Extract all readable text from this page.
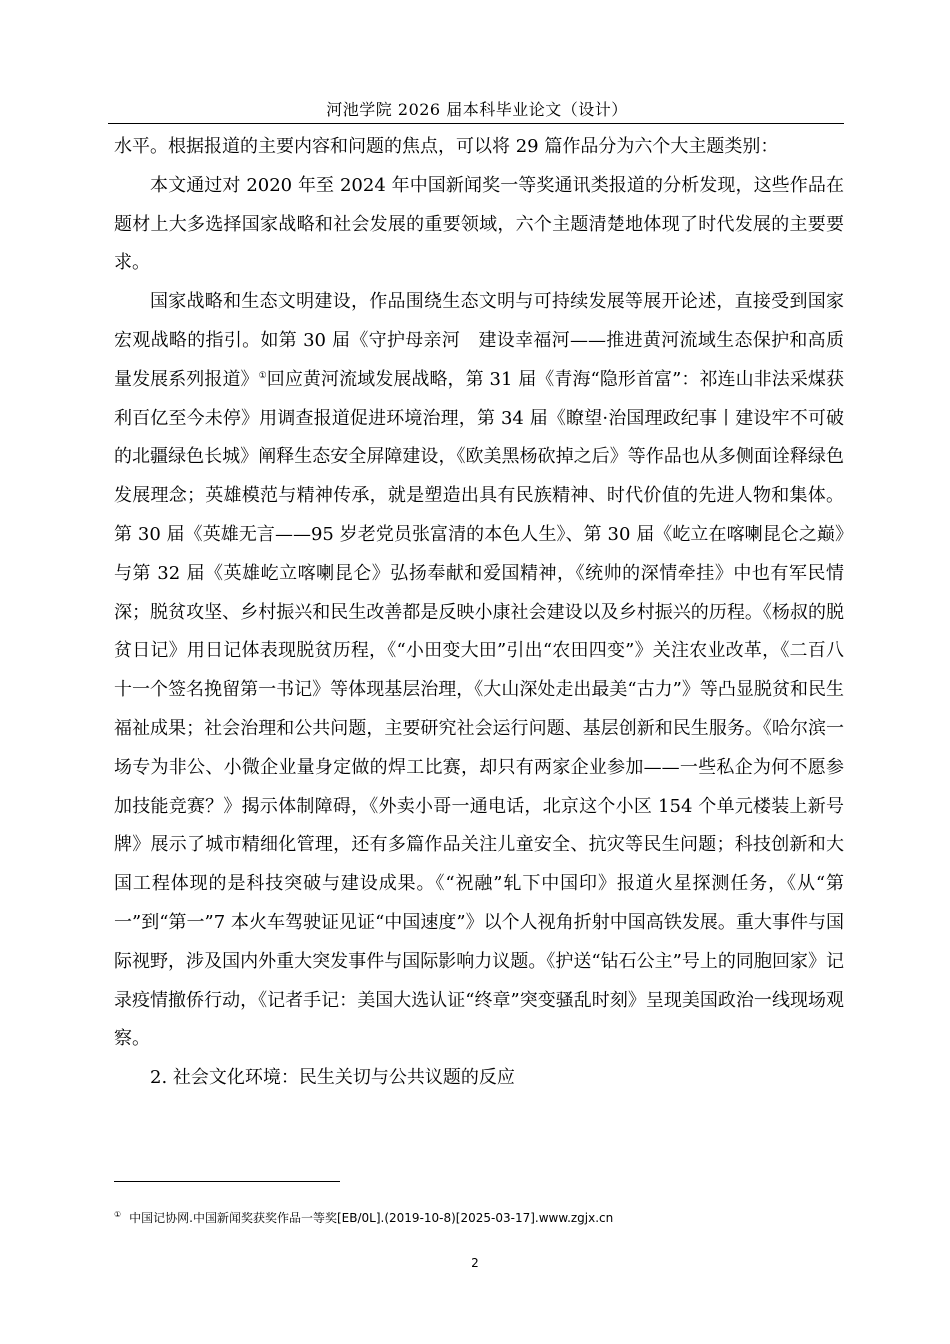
河池学院 2026 届本科毕业论文（设计）

水平。根据报道的主要内容和问题的焦点，可以将 29 篇作品分为六个大主题类别：

本文通过对 2020 年至 2024 年中国新闻奖一等奖通讯类报道的分析发现，这些作品在题材上大多选择国家战略和社会发展的重要领域，六个主题清楚地体现了时代发展的主要要求。

国家战略和生态文明建设，作品围绕生态文明与可持续发展等展开论述，直接受到国家宏观战略的指引。如第 30 届《守护母亲河　建设幸福河——推进黄河流域生态保护和高质量发展系列报道》①回应黄河流域发展战略，第 31 届《青海“隐形首富”：祁连山非法采煤获利百亿至今未停》用调查报道促进环境治理，第 34 届《瞭望·治国理政纪事丨建设牢不可破的北疆绿色长城》阐释生态安全屏障建设，《欧美黑杨砍掉之后》等作品也从多侧面诠释绿色发展理念；英雄模范与精神传承，就是塑造出具有民族精神、时代价值的先进人物和集体。第 30 届《英雄无言——95 岁老党员张富清的本色人生》、第 30 届《屹立在喀喇昆仑之巅》与第 32 届《英雄屹立喀喇昆仑》弘扬奉献和爱国精神，《统帅的深情牵挂》中也有军民情深；脱贫攻坚、乡村振兴和民生改善都是反映小康社会建设以及乡村振兴的历程。《杨叔的脱贫日记》用日记体表现脱贫历程，《“小田变大田”引出“农田四变”》关注农业改革，《二百八十一个签名挽留第一书记》等体现基层治理，《大山深处走出最美“古力”》等凸显脱贫和民生福祉成果；社会治理和公共问题，主要研究社会运行问题、基层创新和民生服务。《哈尔滨一场专为非公、小微企业量身定做的焊工比赛，却只有两家企业参加——一些私企为何不愿参加技能竞赛？》揭示体制障碍，《外卖小哥一通电话，北京这个小区 154 个单元楼装上新号牌》展示了城市精细化管理，还有多篇作品关注儿童安全、抗灾等民生问题；科技创新和大国工程体现的是科技突破与建设成果。《“祝融”轧下中国印》报道火星探测任务，《从“第一”到“第一”7 本火车驾驶证见证“中国速度”》以个人视角折射中国高铁发展。重大事件与国际视野，涉及国内外重大突发事件与国际影响力议题。《护送“钻石公主”号上的同胞回家》记录疫情撤侨行动，《记者手记：美国大选认证“终章”突变骚乱时刻》呈现美国政治一线现场观察。

2. 社会文化环境：民生关切与公共议题的反应

① 中国记协网.中国新闻奖获奖作品一等奖[EB/0L].(2019-10-8)[2025-03-17].www.zgjx.cn
2
